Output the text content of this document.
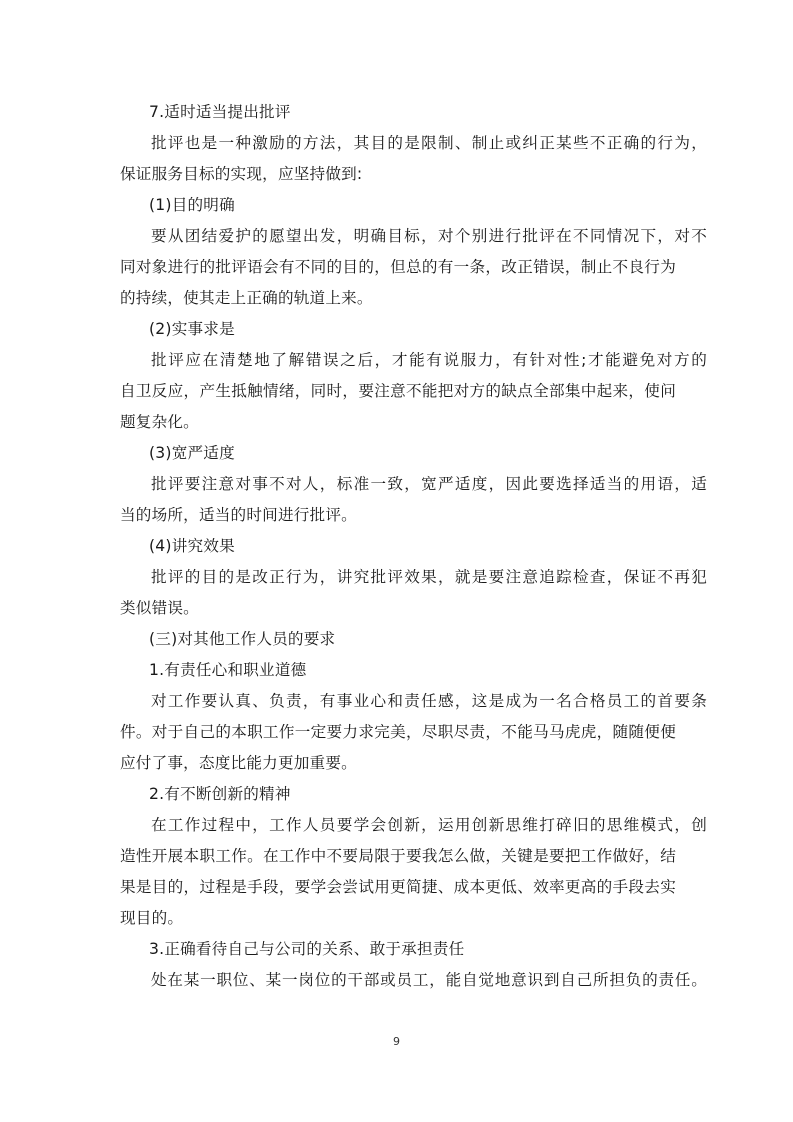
7.适时适当提出批评
批评也是一种激励的方法，其目的是限制、制止或纠正某些不正确的行为，
保证服务目标的实现，应坚持做到:
(1)目的明确
要从团结爱护的愿望出发，明确目标，对个别进行批评在不同情况下，对不
同对象进行的批评语会有不同的目的，但总的有一条，改正错误，制止不良行为
的持续，使其走上正确的轨道上来。
(2)实事求是
批评应在清楚地了解错误之后，才能有说服力，有针对性;才能避免对方的
自卫反应，产生抵触情绪，同时，要注意不能把对方的缺点全部集中起来，使问
题复杂化。
(3)宽严适度
批评要注意对事不对人，标准一致，宽严适度，因此要选择适当的用语，适
当的场所，适当的时间进行批评。
(4)讲究效果
批评的目的是改正行为，讲究批评效果，就是要注意追踪检查，保证不再犯
类似错误。
(三)对其他工作人员的要求
1.有责任心和职业道德
对工作要认真、负责，有事业心和责任感，这是成为一名合格员工的首要条
件。对于自己的本职工作一定要力求完美，尽职尽责，不能马马虎虎，随随便便
应付了事，态度比能力更加重要。
2.有不断创新的精神
在工作过程中，工作人员要学会创新，运用创新思维打碎旧的思维模式，创
造性开展本职工作。在工作中不要局限于要我怎么做，关键是要把工作做好，结
果是目的，过程是手段，要学会尝试用更简捷、成本更低、效率更高的手段去实
现目的。
3.正确看待自己与公司的关系、敢于承担责任
处在某一职位、某一岗位的干部或员工，能自觉地意识到自己所担负的责任。
9
